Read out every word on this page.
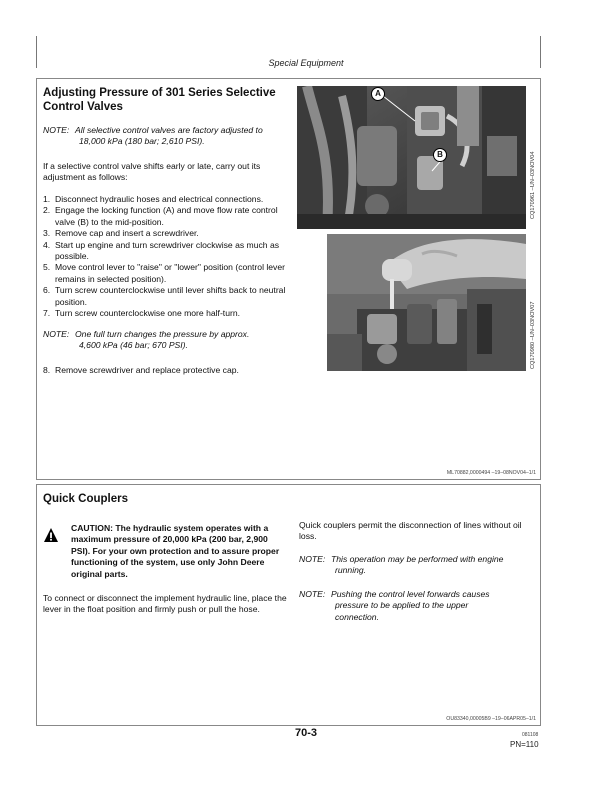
Special Equipment
Adjusting Pressure of 301 Series Selective Control Valves
NOTE: All selective control valves are factory adjusted to
18,000 kPa (180 bar; 2,610 PSI).
If a selective control valve shifts early or late, carry out its adjustment as follows:
1. Disconnect hydraulic hoses and electrical connections.
2. Engage the locking function (A) and move flow rate control valve (B) to the mid-position.
3. Remove cap and insert a screwdriver.
4. Start up engine and turn screwdriver clockwise as much as possible.
5. Move control lever to "raise" or "lower" position (control lever remains in selected position).
6. Turn screw counterclockwise until lever shifts back to neutral position.
7. Turn screw counterclockwise one more half-turn.
NOTE: One full turn changes the pressure by approx.
4,600 kPa (46 bar; 670 PSI).
8. Remove screwdriver and replace protective cap.
A
B	CQ170961 –UN–03NOV04
CQ170980 –UN–03NOV07
ML70882,0000494 –19–08NOV04–1/1
Quick Couplers
CAUTION: The hydraulic system operates with a maximum pressure of 20,000 kPa (200 bar, 2,900 PSI). For your own protection and to assure proper functioning of the system, use only John Deere original parts.
To connect or disconnect the implement hydraulic line, place the lever in the float position and firmly push or pull the hose.
Quick couplers permit the disconnection of lines without oil loss.
NOTE: This operation may be performed with engine
running.
NOTE: Pushing the control level forwards causes
pressure to be applied to the upper
connection.
OU83340,00005B9 –19–06APR05–1/1
70-3	081108
PN=110
